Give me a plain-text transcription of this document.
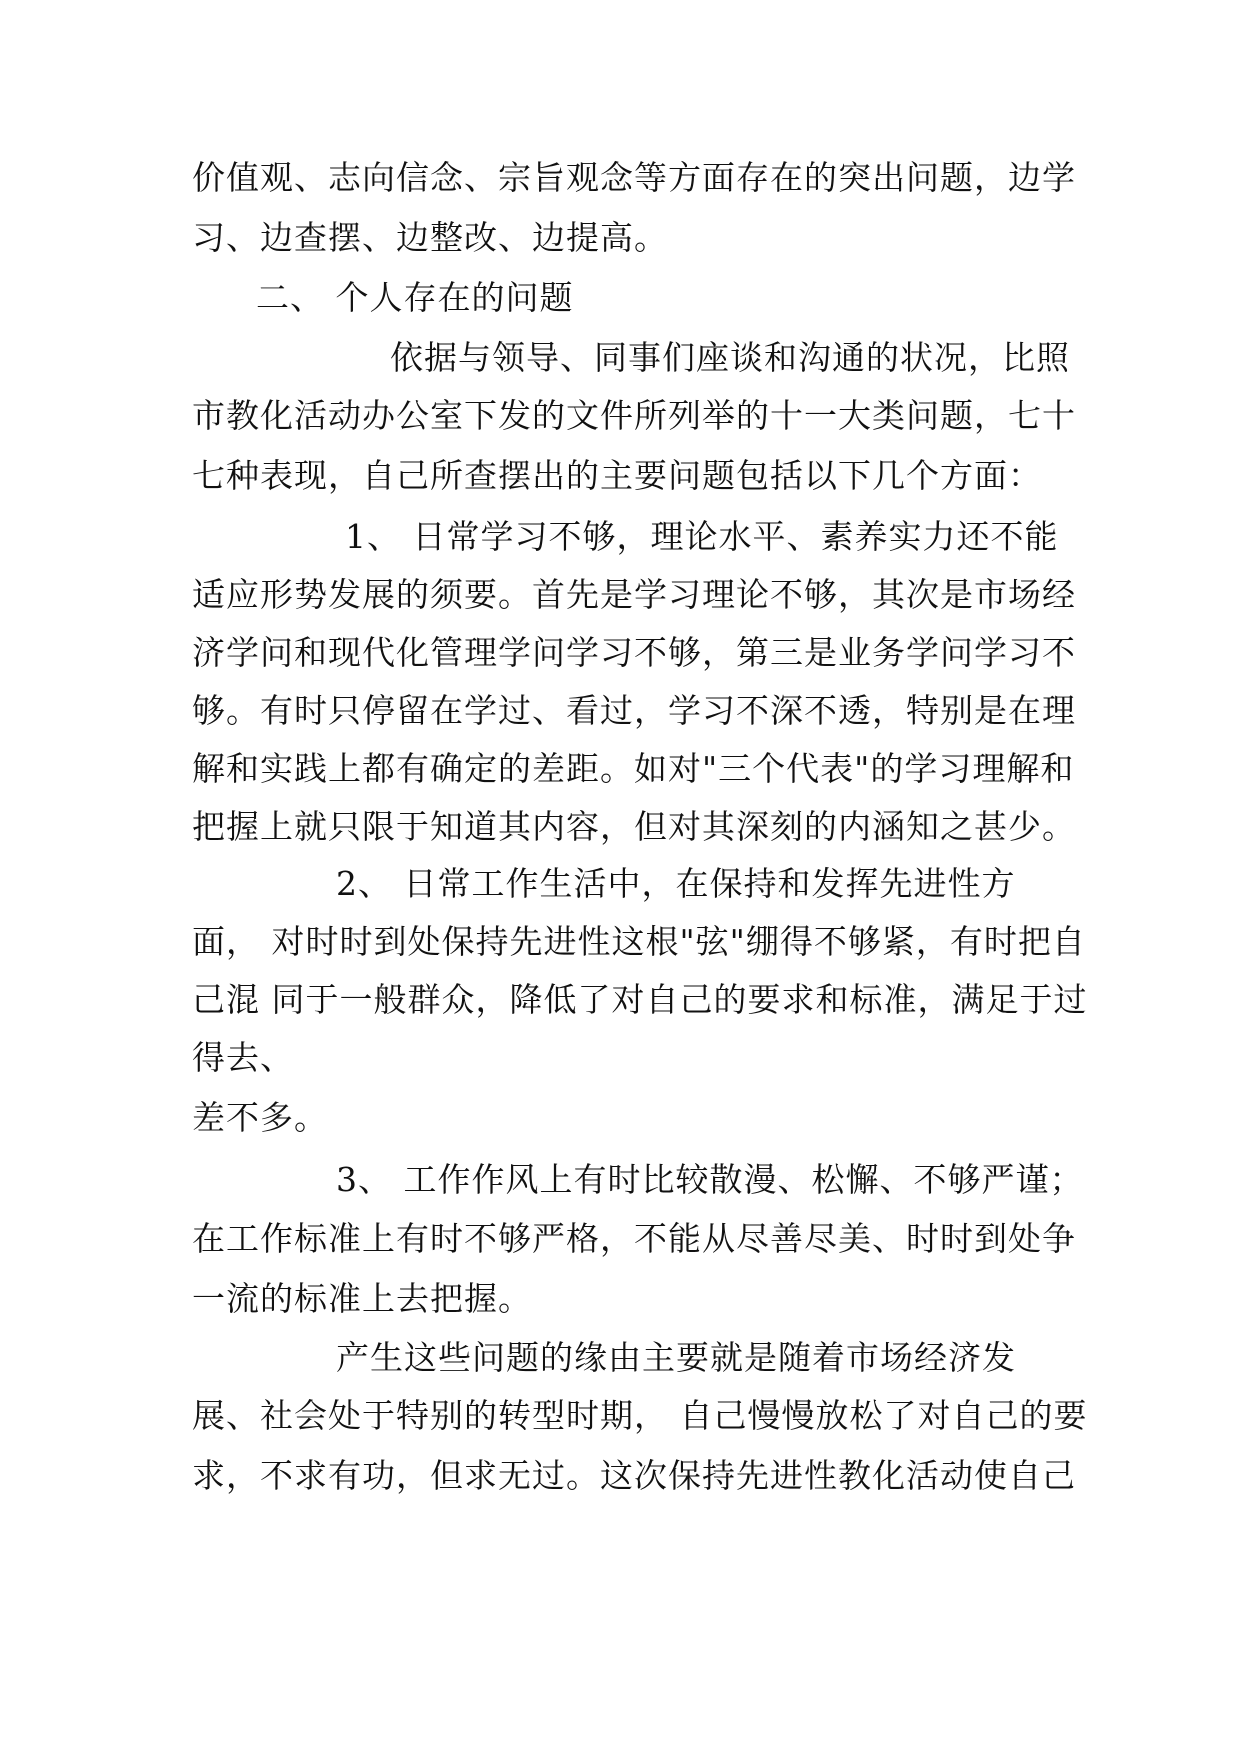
价值观、志向信念、宗旨观念等方面存在的突出问题，边学
习、边查摆、边整改、边提高。
二、 个人存在的问题
依据与领导、同事们座谈和沟通的状况，比照
市教化活动办公室下发的文件所列举的十一大类问题，七十
七种表现，自己所查摆出的主要问题包括以下几个方面：
1、 日常学习不够，理论水平、素养实力还不能
适应形势发展的须要。首先是学习理论不够，其次是市场经
济学问和现代化管理学问学习不够，第三是业务学问学习不
够。有时只停留在学过、看过，学习不深不透，特别是在理
解和实践上都有确定的差距。如对"三个代表"的学习理解和
把握上就只限于知道其内容，但对其深刻的内涵知之甚少。
2、 日常工作生活中，在保持和发挥先进性方
面， 对时时到处保持先进性这根"弦"绷得不够紧，有时把自
己混 同于一般群众，降低了对自己的要求和标准，满足于过
得去、
差不多。
3、 工作作风上有时比较散漫、松懈、不够严谨；
在工作标准上有时不够严格，不能从尽善尽美、时时到处争
一流的标准上去把握。
产生这些问题的缘由主要就是随着市场经济发
展、社会处于特别的转型时期， 自己慢慢放松了对自己的要
求，不求有功，但求无过。这次保持先进性教化活动使自己
